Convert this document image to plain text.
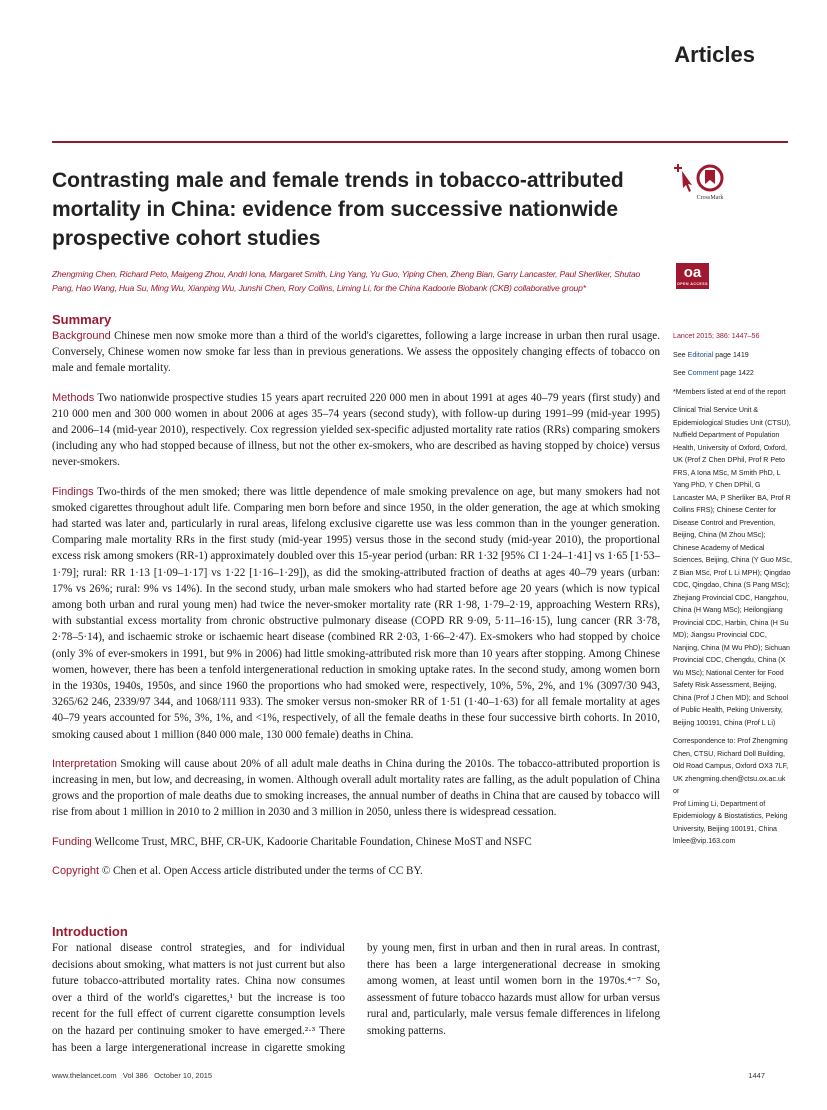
Articles
Contrasting male and female trends in tobacco-attributed mortality in China: evidence from successive nationwide prospective cohort studies
Zhengming Chen, Richard Peto, Maigeng Zhou, Andri Iona, Margaret Smith, Ling Yang, Yu Guo, Yiping Chen, Zheng Bian, Garry Lancaster, Paul Sherliker, Shutao Pang, Hao Wang, Hua Su, Ming Wu, Xianping Wu, Junshi Chen, Rory Collins, Liming Li, for the China Kadoorie Biobank (CKB) collaborative group*
CrossMark
oa
OPEN ACCESS
Summary

Background Chinese men now smoke more than a third of the world's cigarettes, following a large increase in urban then rural usage. Conversely, Chinese women now smoke far less than in previous generations. We assess the oppositely changing effects of tobacco on male and female mortality.

Methods Two nationwide prospective studies 15 years apart recruited 220 000 men in about 1991 at ages 40–79 years (first study) and 210 000 men and 300 000 women in about 2006 at ages 35–74 years (second study), with follow-up during 1991–99 (mid-year 1995) and 2006–14 (mid-year 2010), respectively. Cox regression yielded sex-specific adjusted mortality rate ratios (RRs) comparing smokers (including any who had stopped because of illness, but not the other ex-smokers, who are described as having stopped by choice) versus never-smokers.

Findings Two-thirds of the men smoked; there was little dependence of male smoking prevalence on age, but many smokers had not smoked cigarettes throughout adult life. Comparing men born before and since 1950, in the older generation, the age at which smoking had started was later and, particularly in rural areas, lifelong exclusive cigarette use was less common than in the younger generation. Comparing male mortality RRs in the first study (mid-year 1995) versus those in the second study (mid-year 2010), the proportional excess risk among smokers (RR-1) approximately doubled over this 15-year period (urban: RR 1·32 [95% CI 1·24–1·41] vs 1·65 [1·53–1·79]; rural: RR 1·13 [1·09–1·17] vs 1·22 [1·16–1·29]), as did the smoking-attributed fraction of deaths at ages 40–79 years (urban: 17% vs 26%; rural: 9% vs 14%). In the second study, urban male smokers who had started before age 20 years (which is now typical among both urban and rural young men) had twice the never-smoker mortality rate (RR 1·98, 1·79–2·19, approaching Western RRs), with substantial excess mortality from chronic obstructive pulmonary disease (COPD RR 9·09, 5·11–16·15), lung cancer (RR 3·78, 2·78–5·14), and ischaemic stroke or ischaemic heart disease (combined RR 2·03, 1·66–2·47). Ex-smokers who had stopped by choice (only 3% of ever-smokers in 1991, but 9% in 2006) had little smoking-attributed risk more than 10 years after stopping. Among Chinese women, however, there has been a tenfold intergenerational reduction in smoking uptake rates. In the second study, among women born in the 1930s, 1940s, 1950s, and since 1960 the proportions who had smoked were, respectively, 10%, 5%, 2%, and 1% (3097/30 943, 3265/62 246, 2339/97 344, and 1068/111 933). The smoker versus non-smoker RR of 1·51 (1·40–1·63) for all female mortality at ages 40–79 years accounted for 5%, 3%, 1%, and <1%, respectively, of all the female deaths in these four successive birth cohorts. In 2010, smoking caused about 1 million (840 000 male, 130 000 female) deaths in China.

Interpretation Smoking will cause about 20% of all adult male deaths in China during the 2010s. The tobacco-attributed proportion is increasing in men, but low, and decreasing, in women. Although overall adult mortality rates are falling, as the adult population of China grows and the proportion of male deaths due to smoking increases, the annual number of deaths in China that are caused by tobacco will rise from about 1 million in 2010 to 2 million in 2030 and 3 million in 2050, unless there is widespread cessation.

Funding Wellcome Trust, MRC, BHF, CR-UK, Kadoorie Charitable Foundation, Chinese MoST and NSFC

Copyright © Chen et al. Open Access article distributed under the terms of CC BY.

Introduction

For national disease control strategies, and for individual decisions about smoking, what matters is not just current but also future tobacco-attributed mortality rates. China now consumes over a third of the world's cigarettes,¹ but the increase is too recent for the full effect of current cigarette consumption levels on the hazard per continuing smoker to have emerged.²·³ There has been a large intergenerational increase in cigarette smoking by young men, first in urban and then in rural areas. In contrast, there has been a large intergenerational decrease in smoking among women, at least until women born in the 1970s.⁴⁻⁷ So, assessment of future tobacco hazards must allow for urban versus rural and, particularly, male versus female differences in lifelong smoking patterns.

Lancet 2015; 386: 1447–56

See Editorial page 1419

See Comment page 1422

*Members listed at end of the report

Clinical Trial Service Unit & Epidemiological Studies Unit (CTSU), Nuffield Department of Population Health, University of Oxford, Oxford, UK (Prof Z Chen DPhil, Prof R Peto FRS, A Iona MSc, M Smith PhD, L Yang PhD, Y Chen DPhil, G Lancaster MA, P Sherliker BA, Prof R Collins FRS); Chinese Center for Disease Control and Prevention, Beijing, China (M Zhou MSc); Chinese Academy of Medical Sciences, Beijing, China (Y Guo MSc, Z Bian MSc, Prof L Li MPH); Qingdao CDC, Qingdao, China (S Pang MSc); Zhejiang Provincial CDC, Hangzhou, China (H Wang MSc); Heilongjiang Provincial CDC, Harbin, China (H Su MD); Jiangsu Provincial CDC, Nanjing, China (M Wu PhD); Sichuan Provincial CDC, Chengdu, China (X Wu MSc); National Center for Food Safety Risk Assessment, Beijing, China (Prof J Chen MD); and School of Public Health, Peking University, Beijing 100191, China (Prof L Li)

Correspondence to: Prof Zhengming Chen, CTSU, Richard Doll Building, Old Road Campus, Oxford OX3 7LF, UK zhengming.chen@ctsu.ox.ac.uk

or

Prof Liming Li, Department of Epidemiology & Biostatistics, Peking University, Beijing 100191, China lmlee@vip.163.com

www.thelancet.com   Vol 386   October 10, 2015	1447
